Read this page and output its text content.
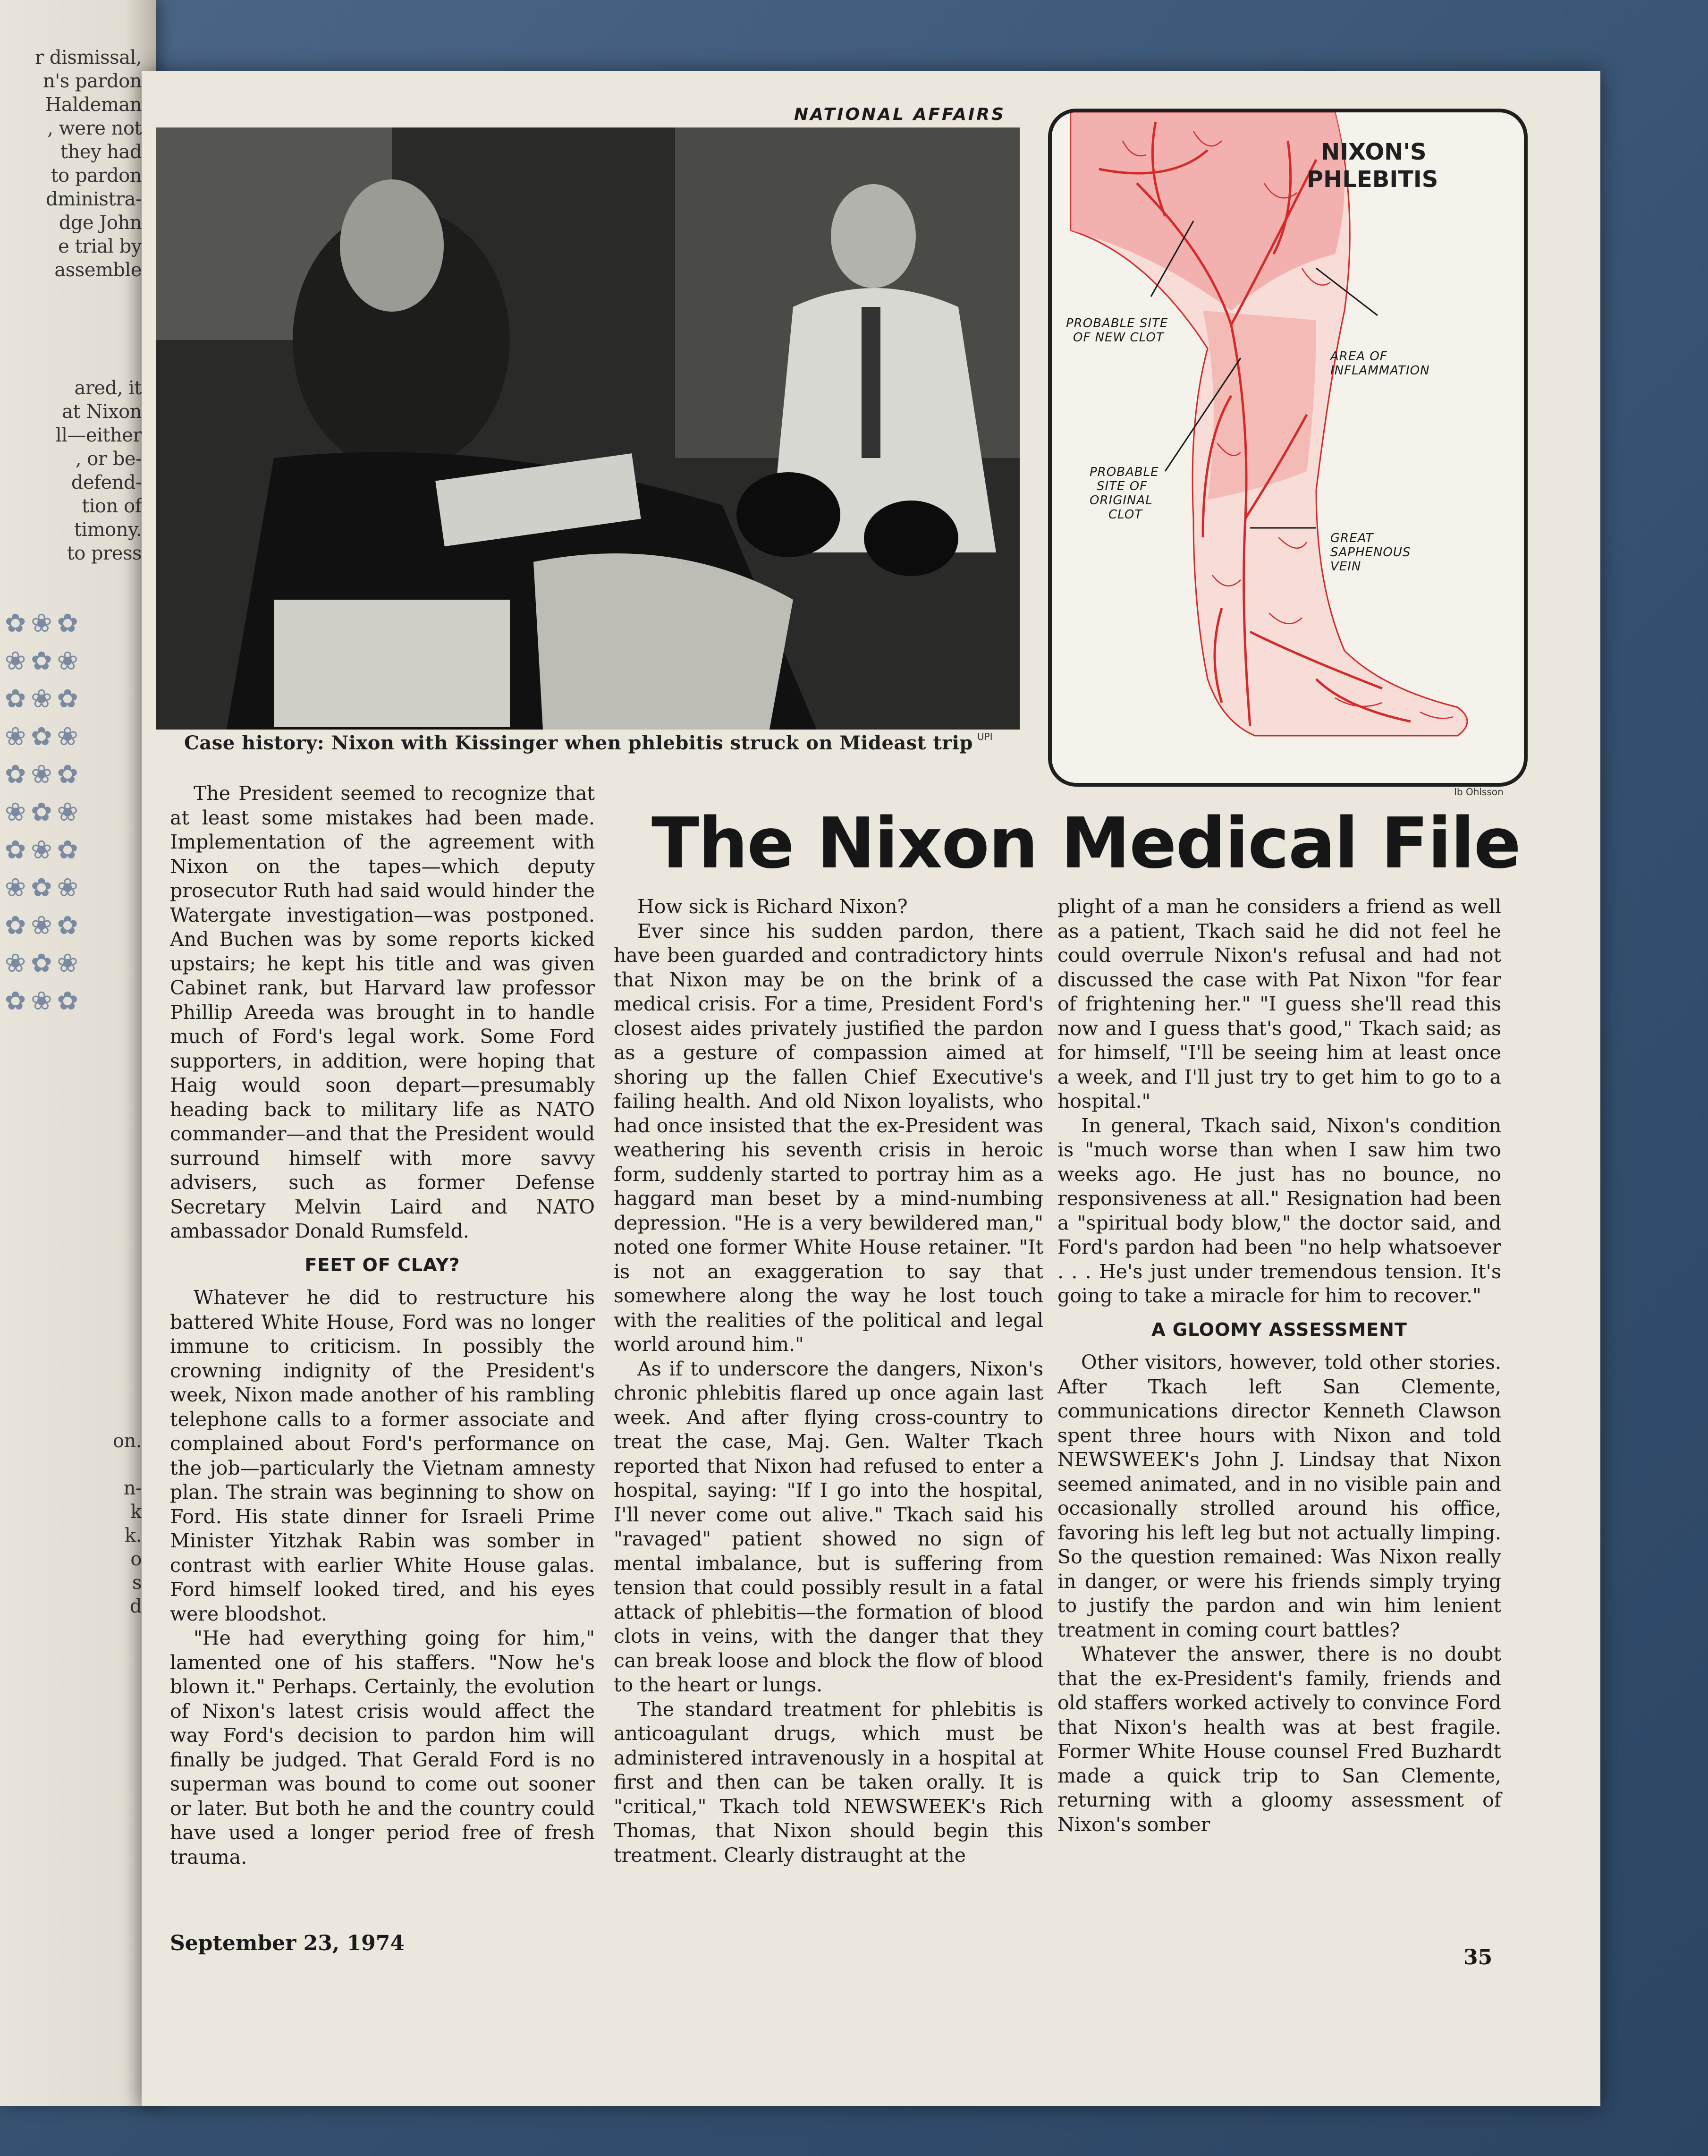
r dismissal,
n's pardon
Haldeman
, were not
they had
to pardon
dministra-
dge John
e trial by
assemble
ared, it
at Nixon
ll—either
, or be-
defend-
tion of
timony.
to press
✿❀✿
❀✿❀
✿❀✿
❀✿❀
✿❀✿
❀✿❀
✿❀✿
❀✿❀
✿❀✿
❀✿❀
✿❀✿
on.
n-
k
k.
o
s
d
NATIONAL AFFAIRS
UPI
Case history: Nixon with Kissinger when phlebitis struck on Mideast trip
NIXON'S
PHLEBITIS
PROBABLE SITE
OF NEW CLOT
AREA OF
INFLAMMATION
PROBABLE
SITE OF
ORIGINAL
CLOT
GREAT
SAPHENOUS
VEIN
Ib Ohlsson
The Nixon Medical File

The President seemed to recognize that at least some mistakes had been made. Implementation of the agreement with Nixon on the tapes—which deputy prosecutor Ruth had said would hinder the Watergate investigation—was postponed. And Buchen was by some reports kicked upstairs; he kept his title and was given Cabinet rank, but Harvard law professor Phillip Areeda was brought in to handle much of Ford's legal work. Some Ford supporters, in addition, were hoping that Haig would soon depart—presumably heading back to military life as NATO commander—and that the President would surround himself with more savvy advisers, such as former Defense Secretary Melvin Laird and NATO ambassador Donald Rumsfeld.

FEET OF CLAY?

Whatever he did to restructure his battered White House, Ford was no longer immune to criticism. In possibly the crowning indignity of the President's week, Nixon made another of his rambling telephone calls to a former associate and complained about Ford's performance on the job—particularly the Vietnam amnesty plan. The strain was beginning to show on Ford. His state dinner for Israeli Prime Minister Yitzhak Rabin was somber in contrast with earlier White House galas. Ford himself looked tired, and his eyes were bloodshot.

"He had everything going for him," lamented one of his staffers. "Now he's blown it." Perhaps. Certainly, the evolution of Nixon's latest crisis would affect the way Ford's decision to pardon him will finally be judged. That Gerald Ford is no superman was bound to come out sooner or later. But both he and the country could have used a longer period free of fresh trauma.

How sick is Richard Nixon?

Ever since his sudden pardon, there have been guarded and contradictory hints that Nixon may be on the brink of a medical crisis. For a time, President Ford's closest aides privately justified the pardon as a gesture of compassion aimed at shoring up the fallen Chief Executive's failing health. And old Nixon loyalists, who had once insisted that the ex-President was weathering his seventh crisis in heroic form, suddenly started to portray him as a haggard man beset by a mind-numbing depression. "He is a very bewildered man," noted one former White House retainer. "It is not an exaggeration to say that somewhere along the way he lost touch with the realities of the political and legal world around him."

As if to underscore the dangers, Nixon's chronic phlebitis flared up once again last week. And after flying cross-country to treat the case, Maj. Gen. Walter Tkach reported that Nixon had refused to enter a hospital, saying: "If I go into the hospital, I'll never come out alive." Tkach said his "ravaged" patient showed no sign of mental imbalance, but is suffering from tension that could possibly result in a fatal attack of phlebitis—the formation of blood clots in veins, with the danger that they can break loose and block the flow of blood to the heart or lungs.

The standard treatment for phlebitis is anticoagulant drugs, which must be administered intravenously in a hospital at first and then can be taken orally. It is "critical," Tkach told NEWSWEEK's Rich Thomas, that Nixon should begin this treatment. Clearly distraught at the

plight of a man he considers a friend as well as a patient, Tkach said he did not feel he could overrule Nixon's refusal and had not discussed the case with Pat Nixon "for fear of frightening her." "I guess she'll read this now and I guess that's good," Tkach said; as for himself, "I'll be seeing him at least once a week, and I'll just try to get him to go to a hospital."

In general, Tkach said, Nixon's condition is "much worse than when I saw him two weeks ago. He just has no bounce, no responsiveness at all." Resignation had been a "spiritual body blow," the doctor said, and Ford's pardon had been "no help whatsoever . . . He's just under tremendous tension. It's going to take a miracle for him to recover."

A GLOOMY ASSESSMENT

Other visitors, however, told other stories. After Tkach left San Clemente, communications director Kenneth Clawson spent three hours with Nixon and told NEWSWEEK's John J. Lindsay that Nixon seemed animated, and in no visible pain and occasionally strolled around his office, favoring his left leg but not actually limping. So the question remained: Was Nixon really in danger, or were his friends simply trying to justify the pardon and win him lenient treatment in coming court battles?

Whatever the answer, there is no doubt that the ex-President's family, friends and old staffers worked actively to convince Ford that Nixon's health was at best fragile. Former White House counsel Fred Buzhardt made a quick trip to San Clemente, returning with a gloomy assessment of Nixon's somber

September 23, 1974
35
